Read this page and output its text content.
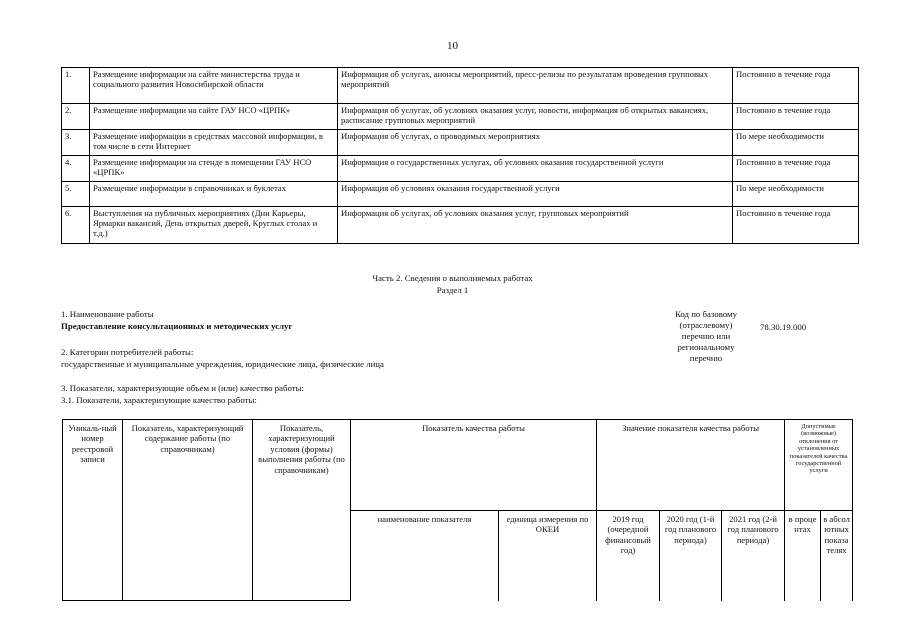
10
1.	Размещение информации на сайте министерства труда и социального развития Новосибирской области	Информация об услугах, анонсы мероприятий, пресс-релизы по результатам проведения групповых мероприятий	Постоянно в течение года
2.	Размещение информации на сайте ГАУ НСО «ЦРПК»	Информация об услугах, об условиях оказания услуг, новости, информация об открытых вакансиях, расписание групповых мероприятий	Постоянно в течение года
3.	Размещение информации в средствах массовой информации, в том числе в сети Интернет	Информация об услугах, о проводимых мероприятиях	По мере необходимости
4.	Размещение информации на стенде в помещении ГАУ НСО «ЦРПК»	Информация о государственных услугах, об условиях оказания государственной услуги	Постоянно в течение года
5.	Размещение информации в справочниках и буклетах	Информация об условиях оказания государственной услуги	По мере необходимости
6.	Выступления на публичных мероприятиях (Дни Карьеры, Ярмарки вакансий, День открытых дверей, Круглых столах и т.д.)	Информация об услугах, об условиях оказания услуг, групповых мероприятий	Постоянно в течение года
Часть 2. Сведения о выполняемых работах
Раздел 1
1. Наименование работы
Предоставление консультационных и методических услуг
Код по базовому
(отраслевому)
перечню или
региональному
перечню
78.30.19.000
2. Категории потребителей работы:
государственные и муниципальные учреждения, юридические лица, физические лица
3. Показатели, характеризующие объем и (или) качество работы:
3.1. Показатели, характеризующие качество работы:
Уникаль-ный номер реестровой записи	Показатель, характеризующий содержание работы (по справочникам)	Показатель, характеризующий условия (формы) выполнения работы (по справочникам)	Показатель качества работы		Значение показателя качества работы			Допустимые (возможные) отклонения от установленных показателей качества государственной услуги	
			наименование показателя	единица измерения по ОКЕИ	2019 год (очередной финансовый год)	2020 год (1-й год планового периода)	2021 год (2-й год планового периода)	в процентах	в абсолютных показателях
